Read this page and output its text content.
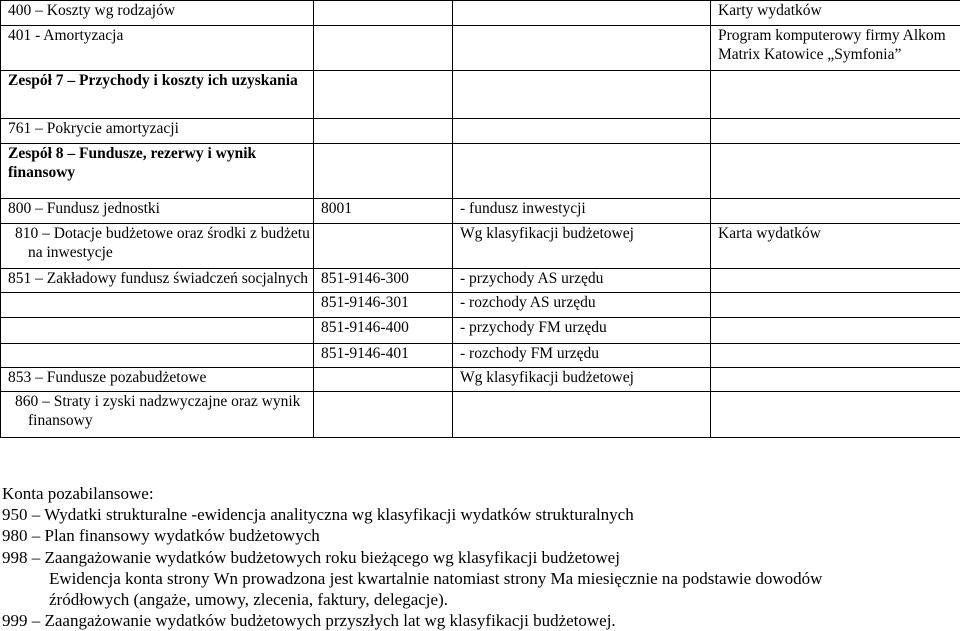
400 – Koszty wg rodzajów			Karty wydatków
401 - Amortyzacja			Program komputerowy firmy Alkom Matrix Katowice „Symfonia”
Zespół 7 – Przychody i koszty ich uzyskania			
761 – Pokrycie amortyzacji			
Zespół 8 – Fundusze, rezerwy i wynik finansowy			
800 – Fundusz jednostki	8001	- fundusz inwestycji	

810 – Dotacje budżetowe oraz środki z budżetu na inwestycje		Wg klasyfikacji budżetowej	Karta wydatków
851 – Zakładowy fundusz świadczeń socjalnych	851-9146-300	- przychody AS urzędu	
	851-9146-301	- rozchody AS urzędu	
	851-9146-400	- przychody FM urzędu	
	851-9146-401	- rozchody FM urzędu	
853 – Fundusze pozabudżetowe		Wg klasyfikacji budżetowej	

860 – Straty i zyski nadzwyczajne oraz wynik finansowy			

Konta pozabilansowe:
950 – Wydatki strukturalne -ewidencja analityczna wg klasyfikacji wydatków strukturalnych
980 – Plan finansowy wydatków budżetowych
998 – Zaangażowanie wydatków budżetowych roku bieżącego wg klasyfikacji budżetowej
Ewidencja konta strony Wn prowadzona jest kwartalnie natomiast strony Ma miesięcznie na podstawie dowodów
źródłowych (angaże, umowy, zlecenia, faktury, delegacje).
999 – Zaangażowanie wydatków budżetowych przyszłych lat wg klasyfikacji budżetowej.
